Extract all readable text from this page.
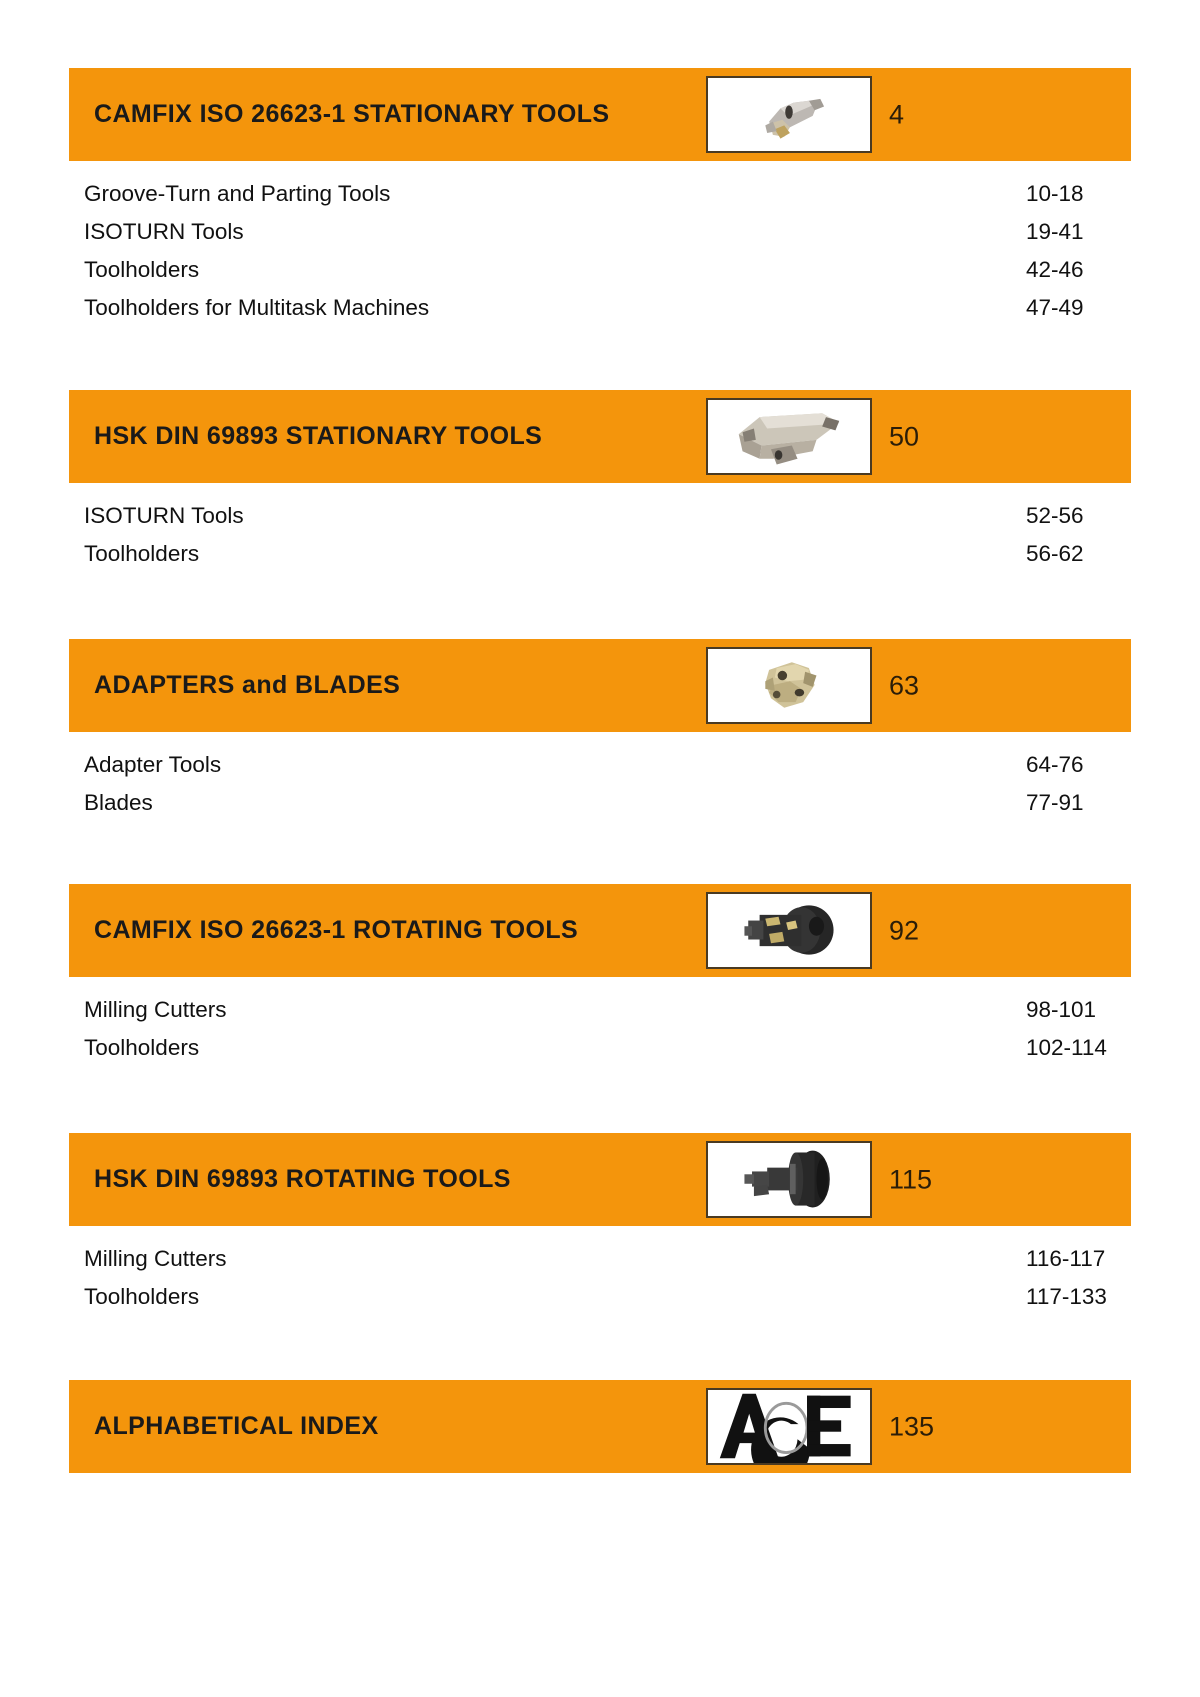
CAMFIX ISO 26623-1 STATIONARY TOOLS	4
Groove-Turn and Parting Tools	10-18
ISOTURN Tools	19-41
Toolholders	42-46
Toolholders for Multitask Machines	47-49
HSK DIN 69893 STATIONARY TOOLS	50
ISOTURN Tools	52-56
Toolholders	56-62
ADAPTERS and BLADES	63
Adapter Tools	64-76
Blades	77-91
CAMFIX ISO 26623-1 ROTATING TOOLS	92
Milling Cutters	98-101
Toolholders	102-114
HSK DIN 69893 ROTATING TOOLS	115
Milling Cutters	116-117
Toolholders	117-133
ALPHABETICAL INDEX	135
